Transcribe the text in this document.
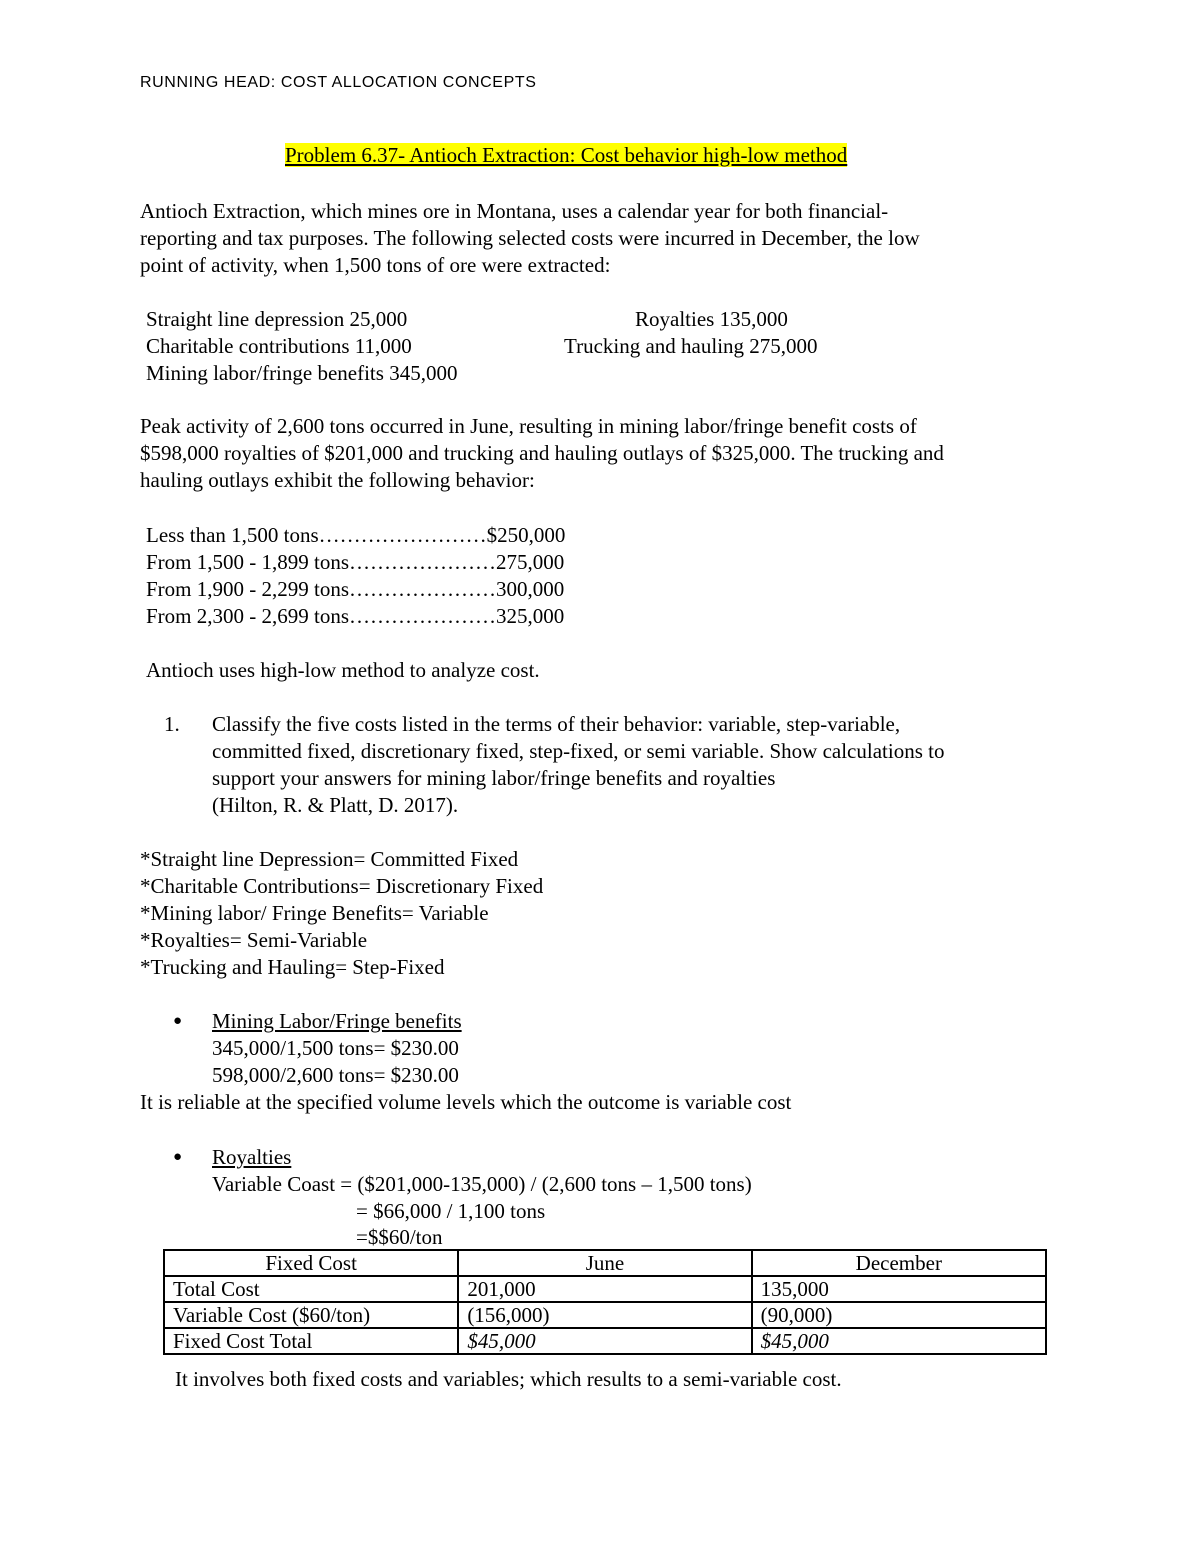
RUNNING HEAD: COST ALLOCATION CONCEPTS
Problem 6.37- Antioch Extraction: Cost behavior high-low method
Antioch Extraction, which mines ore in Montana, uses a calendar year for both financial-
reporting and tax purposes. The following selected costs were incurred in December, the low
point of activity, when 1,500 tons of ore were extracted:
Straight line depression 25,000
Charitable contributions 11,000
Mining labor/fringe benefits 345,000
Royalties 135,000
Trucking and hauling 275,000
Peak activity of 2,600 tons occurred in June, resulting in mining labor/fringe benefit costs of
$598,000 royalties of $201,000 and trucking and hauling outlays of $325,000. The trucking and
hauling outlays exhibit the following behavior:
Less than 1,500 tons……………………$250,000
From 1,500 - 1,899 tons…………………275,000
From 1,900 - 2,299 tons…………………300,000
From 2,300 - 2,699 tons…………………325,000
Antioch uses high-low method to analyze cost.
1. Classify the five costs listed in the terms of their behavior: variable, step-variable,
committed fixed, discretionary fixed, step-fixed, or semi variable. Show calculations to
support your answers for mining labor/fringe benefits and royalties
(Hilton, R. & Platt, D. 2017).
*Straight line Depression= Committed Fixed
*Charitable Contributions= Discretionary Fixed
*Mining labor/ Fringe Benefits= Variable
*Royalties= Semi-Variable
*Trucking and Hauling= Step-Fixed
● Mining Labor/Fringe benefits
345,000/1,500 tons= $230.00
598,000/2,600 tons= $230.00
It is reliable at the specified volume levels which the outcome is variable cost
● Royalties
Variable Coast = ($201,000-135,000) / (2,600 tons – 1,500 tons)
= $66,000 / 1,100 tons
=$$60/ton
Fixed Cost	June	December
Total Cost	201,000	135,000
Variable Cost ($60/ton)	(156,000)	(90,000)
Fixed Cost Total	$45,000	$45,000
It involves both fixed costs and variables; which results to a semi-variable cost.
